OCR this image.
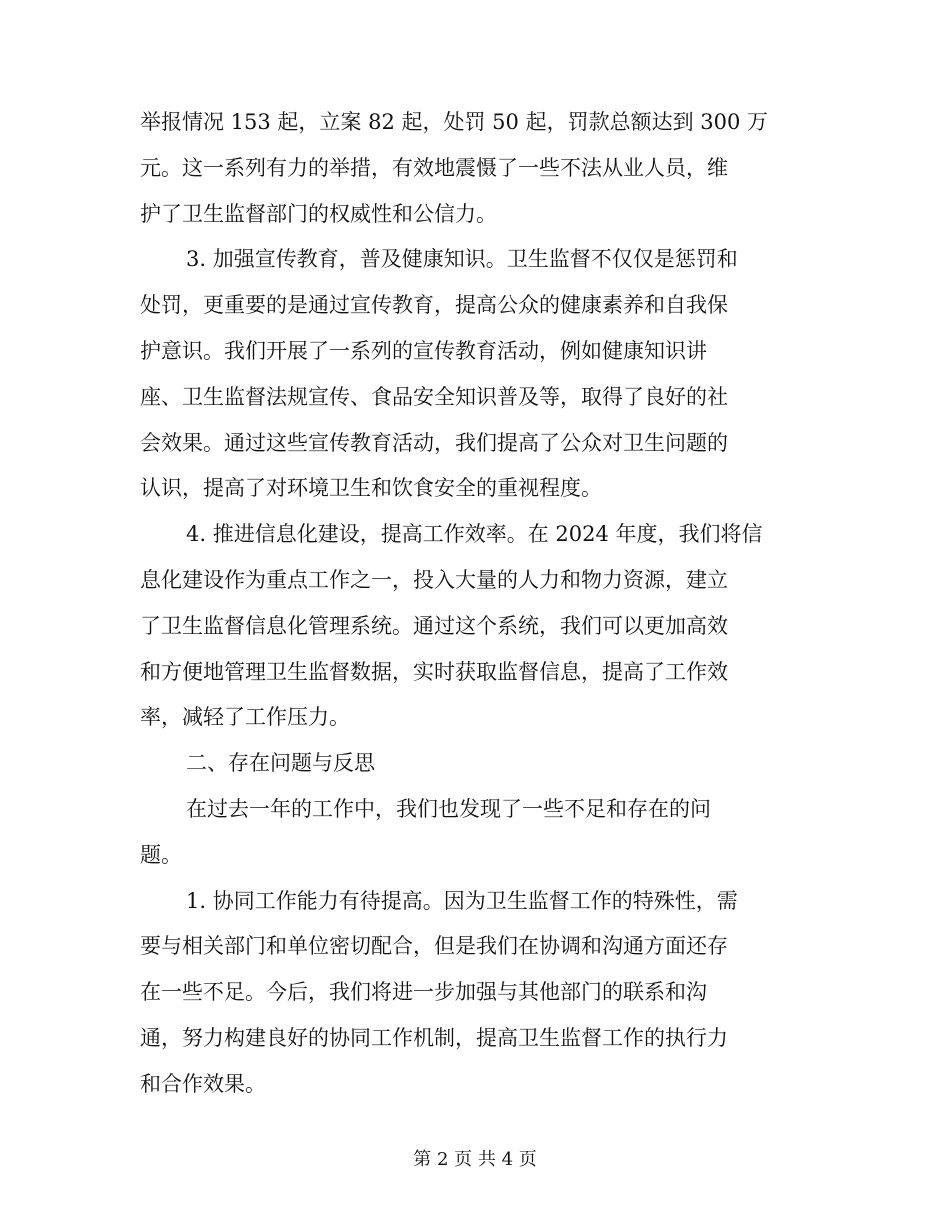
举报情况 153 起，立案 82 起，处罚 50 起，罚款总额达到 300 万
元。这一系列有力的举措，有效地震慑了一些不法从业人员，维
护了卫生监督部门的权威性和公信力。
3. 加强宣传教育，普及健康知识。卫生监督不仅仅是惩罚和
处罚，更重要的是通过宣传教育，提高公众的健康素养和自我保
护意识。我们开展了一系列的宣传教育活动，例如健康知识讲
座、卫生监督法规宣传、食品安全知识普及等，取得了良好的社
会效果。通过这些宣传教育活动，我们提高了公众对卫生问题的
认识，提高了对环境卫生和饮食安全的重视程度。
4. 推进信息化建设，提高工作效率。在 2024 年度，我们将信
息化建设作为重点工作之一，投入大量的人力和物力资源，建立
了卫生监督信息化管理系统。通过这个系统，我们可以更加高效
和方便地管理卫生监督数据，实时获取监督信息，提高了工作效
率，减轻了工作压力。
二、存在问题与反思
在过去一年的工作中，我们也发现了一些不足和存在的问
题。
1. 协同工作能力有待提高。因为卫生监督工作的特殊性，需
要与相关部门和单位密切配合，但是我们在协调和沟通方面还存
在一些不足。今后，我们将进一步加强与其他部门的联系和沟
通，努力构建良好的协同工作机制，提高卫生监督工作的执行力
和合作效果。
第 2 页 共 4 页
